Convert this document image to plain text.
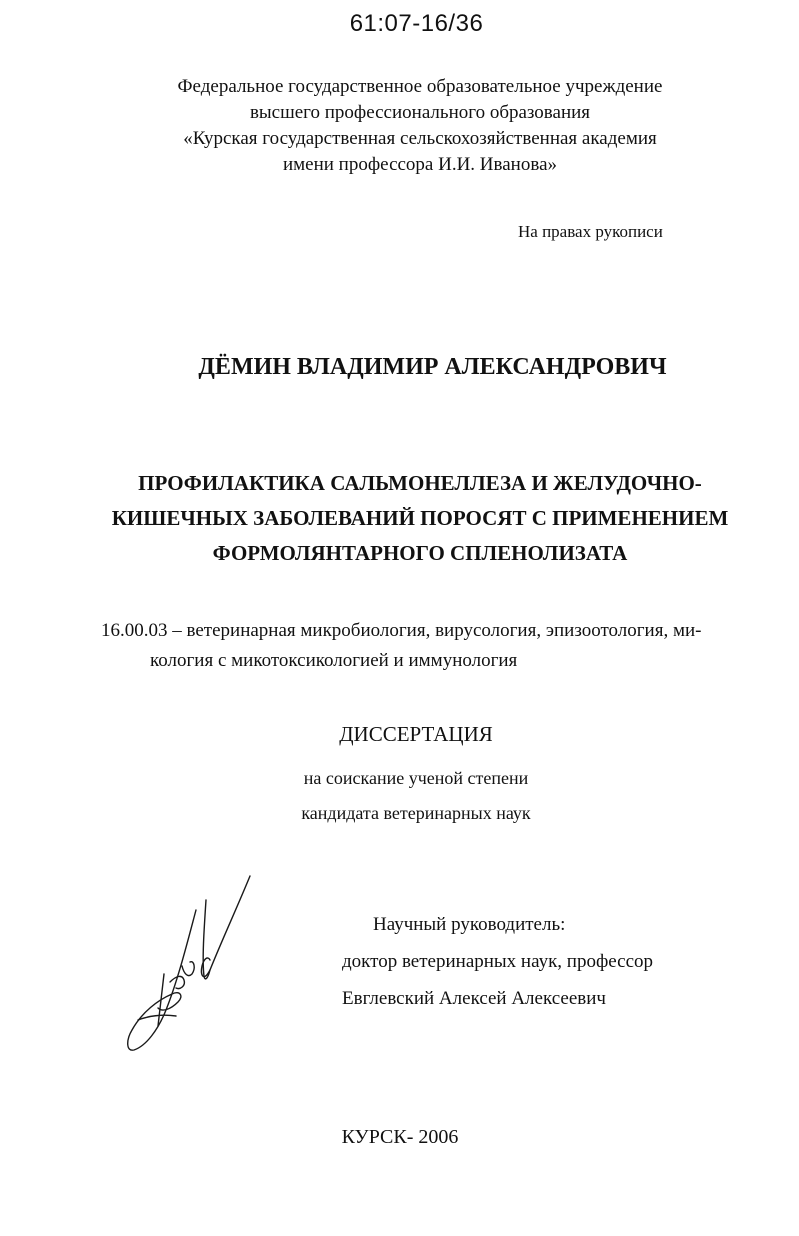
61:07-16/36
Федеральное государственное образовательное учреждение
высшего профессионального образования
«Курская государственная сельскохозяйственная академия
имени профессора И.И. Иванова»
На правах рукописи
ДЁМИН ВЛАДИМИР АЛЕКСАНДРОВИЧ
ПРОФИЛАКТИКА САЛЬМОНЕЛЛЕЗА И ЖЕЛУДОЧНО-
КИШЕЧНЫХ ЗАБОЛЕВАНИЙ ПОРОСЯТ С ПРИМЕНЕНИЕМ
ФОРМОЛЯНТАРНОГО СПЛЕНОЛИЗАТА
16.00.03 – ветеринарная микробиология, вирусология, эпизоотология, ми-
кология с микотоксикологией и иммунология
ДИССЕРТАЦИЯ
на соискание ученой степени
кандидата ветеринарных наук
Научный руководитель:
доктор ветеринарных наук, профессор
Евглевский Алексей Алексеевич
КУРСК- 2006
